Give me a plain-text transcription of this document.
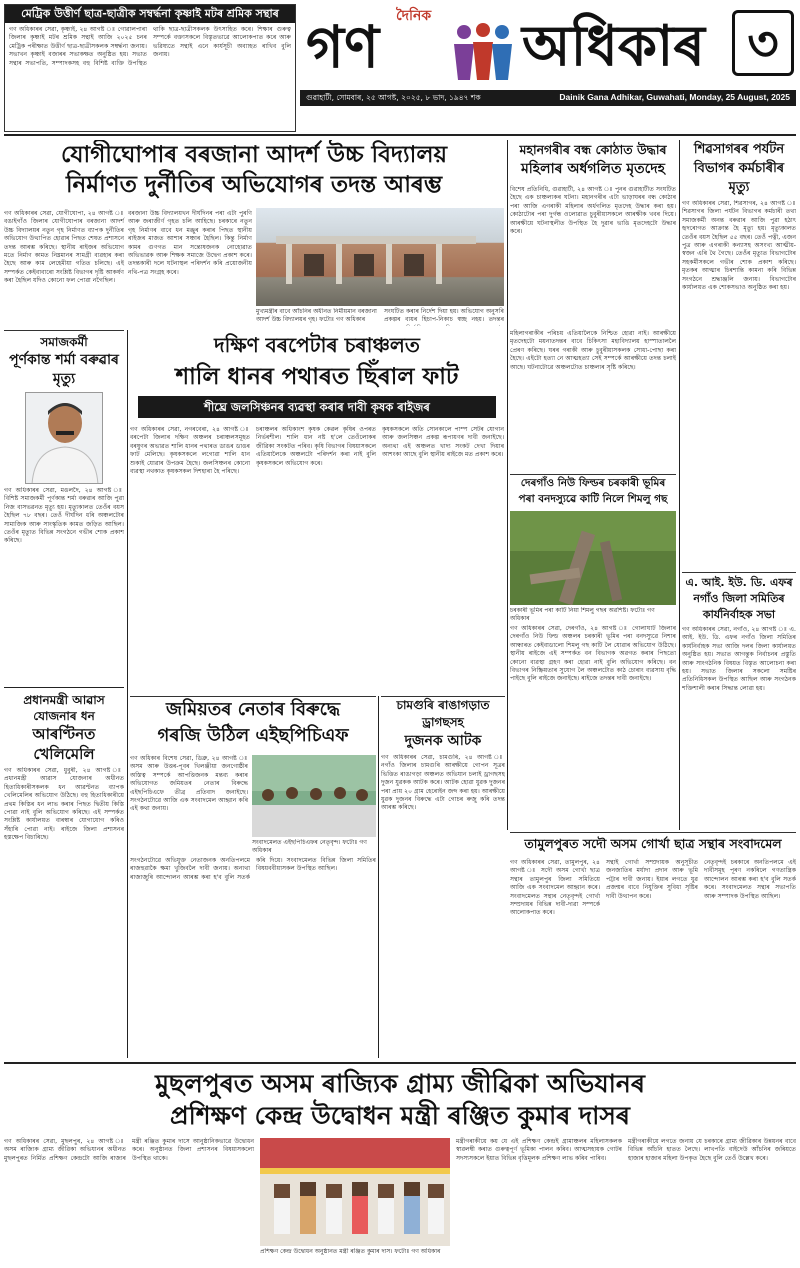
মেট্ৰিক উত্তীৰ্ণ ছাত্ৰ-ছাত্ৰীক সম্বৰ্দ্ধনা কৃষ্ণাই মটৰ শ্ৰমিক সন্থাৰ
গণ অধিকাৰৰ সেৱা, কৃষ্ণাই, ২৪ আগষ্ট ঃ গোৱালপাৰা জিলাৰ কৃষ্ণাই মটৰ শ্ৰমিক সন্থাই আজি ২০২৫ চনৰ মেট্ৰিক পৰীক্ষাত উত্তীৰ্ণ ছাত্ৰ-ছাত্ৰীসকলক সম্বৰ্দ্ধনা জনায়। সভাখন কৃষ্ণাই বজাৰৰ সভাকক্ষত অনুষ্ঠিত হয়। সভাত সন্থাৰ সভাপতি, সম্পাদকসহ বহু বিশিষ্ট ব্যক্তি উপস্থিত থাকি ছাত্ৰ-ছাত্ৰীসকলক উৎসাহিত কৰে। শিক্ষাৰ গুৰুত্ব সম্পৰ্কে বক্তাসকলে বিস্তৃতভাৱে আলোকপাত কৰে আৰু ভৱিষ্যতে সন্থাই এনে কাৰ্যসূচী অব্যাহত ৰাখিব বুলি জনায়।
দৈনিক
গণ	অধিকাৰ ৩
গুৱাহাটী, সোমবাৰ, ২৫ আগষ্ট, ২০২৫, ৮ ভাদ, ১৯৪৭ শক	Dainik Gana Adhikar, Guwahati, Monday, 25 August, 2025
যোগীঘোপাৰ বৰজানা আদৰ্শ উচ্চ বিদ্যালয়
নিৰ্মাণত দুৰ্নীতিৰ অভিযোগৰ তদন্ত আৰম্ভ
গণ অধিকাৰৰ সেৱা, যোগীঘোপা, ২৪ আগষ্ট ঃ বঙাইগাঁও জিলাৰ যোগীঘোপাৰ বৰজানা আদৰ্শ উচ্চ বিদ্যালয়ৰ নতুন গৃহ নিৰ্মাণত ব্যাপক দুৰ্নীতিৰ অভিযোগ উত্থাপিত হোৱাৰ পিছত শেষত প্ৰশাসনে তদন্ত আৰম্ভ কৰিছে। স্থানীয় ৰাইজৰ অভিযোগ মতে নিৰ্মাণ কামত নিম্নমানৰ সামগ্ৰী ব্যৱহাৰ কৰা হৈছে আৰু কাম লেহেমীয়া গতিত চলিছে। এই সম্পৰ্কত কেইবাবাৰো সংশ্লিষ্ট বিভাগৰ দৃষ্টি আকৰ্ষণ কৰা হৈছিল যদিও কোনো ফল পোৱা নগৈছিল।
বৰজানা উচ্চ বিদ্যালয়খন দীৰ্ঘদিনৰ পৰা এটা পুৰণি আৰু জৰাজীৰ্ণ গৃহত চলি আহিছে। চৰকাৰে নতুন গৃহ নিৰ্মাণৰ বাবে ধন মঞ্জুৰ কৰাৰ পিছত স্থানীয় ৰাইজৰ মাজত আশাৰ সঞ্চাৰ হৈছিল। কিন্তু নিৰ্মাণ কামৰ গুণগত মান সন্তোষজনক নোহোৱাত অভিভাৱক আৰু শিক্ষক সমাজে উদ্বেগ প্ৰকাশ কৰে। তদন্তকাৰী দলে ঘটনাস্থল পৰিদৰ্শন কৰি প্ৰয়োজনীয় নথি-পত্ৰ সংগ্ৰহ কৰে।
মুখ্যমন্ত্ৰীৰ বাবে আঁচনিৰ অধীনত নিৰ্মীয়মান বৰজানা আদৰ্শ উচ্চ বিদ্যালয়ৰ গৃহ। ফটোঃ গণ অধিকাৰ
সংঘটিত কৰাৰ নিৰ্দেশ দিয়া হয়। অভিযোগ অনুসৰি প্ৰকল্পৰ ব্যয়ৰ হিচাপ-নিকাচ স্বচ্ছ নহয়। তদন্তৰ
সমাজকৰ্মী
পূৰ্ণকান্ত শৰ্মা বৰুৱাৰ মৃত্যু
গণ অধিকাৰৰ সেৱা, মঙলদৈ, ২৪ আগষ্ট ঃ বিশিষ্ট সমাজকৰ্মী পূৰ্ণকান্ত শৰ্মা বৰুৱাৰ আজি পুৱা নিজ বাসভৱনত মৃত্যু হয়। মৃত্যুকালত তেওঁৰ বয়স হৈছিল ৭৮ বছৰ। তেওঁ দীৰ্ঘদিন ধৰি অঞ্চলটোৰ সামাজিক আৰু সাংস্কৃতিক কামত জড়িত আছিল। তেওঁৰ মৃত্যুত বিভিন্ন সংগঠনে গভীৰ শোক প্ৰকাশ কৰিছে।
প্ৰধানমন্ত্ৰী আৱাস যোজনাৰ ধন
আৰণ্টিনত খেলিমেলি
গণ অধিকাৰৰ সেৱা, ধুবুৰী, ২৪ আগষ্ট ঃ প্ৰধানমন্ত্ৰী আৱাস যোজনাৰ অধীনত হিতাধিকাৰীসকলক ধন আৱণ্টনত ব্যাপক খেলিমেলিৰ অভিযোগ উঠিছে। বহু হিতাধিকাৰীয়ে প্ৰথম কিস্তিৰ ধন লাভ কৰাৰ পিছত দ্বিতীয় কিস্তি পোৱা নাই বুলি অভিযোগ কৰিছে। এই সম্পৰ্কত সংশ্লিষ্ট কাৰ্যালয়ত বাৰম্বাৰ যোগাযোগ কৰিও সঁহাৰি পোৱা নাই। ৰাইজে জিলা প্ৰশাসনৰ হস্তক্ষেপ বিচাৰিছে।
দক্ষিণ বৰপেটাৰ চৰাঞ্চলত
শালি ধানৰ পথাৰত ছিঁৰাল ফাট
শীঘ্ৰে জলসিঞ্চনৰ ব্যৱস্থা কৰাৰ দাবী কৃষক ৰাইজৰ
গণ অধিকাৰৰ সেৱা, নগৰবেৰা, ২৪ আগষ্ট ঃ বৰপেটা জিলাৰ দক্ষিণ অঞ্চলৰ চৰাঞ্চলসমূহত বৰষুণৰ অভাৱত শালি ধানৰ পথাৰত ডাঙৰ ডাঙৰ ফাট মেলিছে। কৃষকসকলে লগোৱা শালি ধান শুকাই যোৱাৰ উপক্ৰম হৈছে। জলসিঞ্চনৰ কোনো ব্যৱস্থা নথকাত কৃষকসকল দিশহাৰা হৈ পৰিছে।
চৰাঞ্চলৰ অধিকাংশ কৃষক কেৱল কৃষিৰ ওপৰত নিৰ্ভৰশীল। শালি ধান নষ্ট হ'লে তেওঁলোকৰ জীৱিকা সংকটত পৰিব। কৃষি বিভাগৰ বিষয়াসকলে এতিয়ালৈকে অঞ্চলটো পৰিদৰ্শন কৰা নাই বুলি কৃষকসকলে অভিযোগ কৰে।
কৃষকসকলে অতি সোনকালে পাম্প সেটৰ যোগান আৰু জলসিঞ্চন প্ৰকল্প ৰূপায়ণৰ দাবী জনাইছে। অন্যথা এই অঞ্চলত খাদ্য সংকট দেখা দিয়াৰ আশংকা আছে বুলি স্থানীয় ৰাইজে মত প্ৰকাশ কৰে।
জমিয়তৰ নেতাৰ বিৰুদ্ধে
গৰজি উঠিল এইছপিচিএফ
গণ অধিকাৰ বিশেষ সেৱা, ডিব্ৰু, ২৪ আগষ্ট ঃ অসম আৰু উত্তৰ-পূবৰ খিলঞ্জীয়া জনগোষ্ঠীৰ অস্তিত্ব সম্পৰ্কে আপত্তিজনক মন্তব্য কৰাৰ অভিযোগত জমিয়তৰ নেতাৰ বিৰুদ্ধে এইছপিচিএফে তীব্ৰ প্ৰতিবাদ জনাইছে। সংগঠনটোৱে আজি এক সংবাদমেল আহ্বান কৰি এই কথা জনায়।
সংবাদমেলত এইছপিচিএফৰ নেতৃবৃন্দ। ফটোঃ গণ অধিকাৰ
সংগঠনটোৱে অভিযুক্ত নেতাজনক অনতিপলমে ৰাজহুৱাকৈ ক্ষমা খুজিবলৈ দাবী জনায়। অন্যথা ৰাজ্যজুৰি আন্দোলন আৰম্ভ কৰা হ'ব বুলি সতৰ্ক কৰি দিয়ে। সংবাদমেলত বিভিন্ন জিলা সমিতিৰ বিষয়ববীয়াসকল উপস্থিত আছিল।
চামগুৰি ৰাঙাগড়াত ড্ৰাগছসহ
দুজনক আটক
গণ অধিকাৰৰ সেৱা, চামগুৰি, ২৪ আগষ্ট ঃ নগাঁও জিলাৰ চামগুৰি আৰক্ষীয়ে গোপন সূত্ৰৰ ভিত্তিত ৰাঙাগড়া অঞ্চলত অভিযান চলাই ড্ৰাগছসহ দুজন যুৱকক আটক কৰে। আটক হোৱা যুৱক দুজনৰ পৰা প্ৰায় ২০ গ্ৰাম হেৰোইন জব্দ কৰা হয়। আৰক্ষীয়ে যুৱক দুজনৰ বিৰুদ্ধে এটা গোচৰ ৰুজু কৰি তদন্ত আৰম্ভ কৰিছে।
মহানগৰীৰ বন্ধ কোঠাত উদ্ধাৰ
মহিলাৰ অৰ্ধগলিত মৃতদেহ
বিশেষ প্ৰতিনিধি, গুৱাহাটী, ২৪ আগষ্ট ঃ পুনৰ গুৱাহাটীত সংঘটিত হৈছে এক চাঞ্চল্যকৰ ঘটনা। মহানগৰীৰ এটা ভাড়াঘৰৰ বন্ধ কোঠাৰ পৰা আজি এগৰাকী মহিলাৰ অৰ্ধগলিত মৃতদেহ উদ্ধাৰ কৰা হয়। কোঠাটোৰ পৰা দুৰ্গন্ধ ওলোৱাত চুবুৰীয়াসকলে আৰক্ষীক খবৰ দিয়ে। আৰক্ষীয়ে ঘটনাস্থলীত উপস্থিত হৈ দুৱাৰ ভাঙি মৃতদেহটো উদ্ধাৰ কৰে।
মহিলাগৰাকীৰ পৰিচয় এতিয়ালৈকে নিশ্চিত হোৱা নাই। আৰক্ষীয়ে মৃতদেহটো ময়নাতদন্তৰ বাবে চিকিৎসা মহাবিদ্যালয় হাস্পাতাললৈ প্ৰেৰণ কৰিছে। ঘৰৰ গৰাকী আৰু চুবুৰীয়াসকলক সোধা-পোছা কৰা হৈছে। এইটো হত্যা নে আত্মহত্যা সেই সম্পৰ্কে আৰক্ষীয়ে তদন্ত চলাই আছে। ঘটনাটোৱে অঞ্চলটোত চাঞ্চল্যৰ সৃষ্টি কৰিছে।
দেৰগাঁও নিউ ফিল্ডৰ চৰকাৰী ভূমিৰ
পৰা বনদস্যুৱে কাটি নিলে শিমলু গছ
চৰকাৰী ভূমিৰ পৰা কাটি নিয়া শিমলু গছৰ অৱশিষ্ট। ফটোঃ গণ অধিকাৰ
গণ অধিকাৰৰ সেৱা, দেৰগাঁও, ২৪ আগষ্ট ঃ গোলাঘাট জিলাৰ দেৰগাঁও নিউ ফিল্ড অঞ্চলৰ চৰকাৰী ভূমিৰ পৰা বনদস্যুৱে নিশাৰ আন্ধাৰত কেইবাডালো শিমলু গছ কাটি লৈ যোৱাৰ অভিযোগ উঠিছে। স্থানীয় ৰাইজে এই সম্পৰ্কত বন বিভাগক অৱগত কৰাৰ পিছতো কোনো ব্যৱস্থা গ্ৰহণ কৰা হোৱা নাই বুলি অভিযোগ কৰিছে। বন বিভাগৰ নিষ্ক্ৰিয়তাৰ সুযোগ লৈ অঞ্চলটোত কাঠ চোৰাং ব্যৱসায় বৃদ্ধি পাইছে বুলি ৰাইজে জনাইছে। ৰাইজে তদন্তৰ দাবী জনাইছে।
শিৱসাগৰৰ পৰ্যটন বিভাগৰ কৰ্মচাৰীৰ মৃত্যু
গণ অধিকাৰৰ সেৱা, শিৱসাগৰ, ২৪ আগষ্ট ঃ শিৱসাগৰ জিলা পৰ্যটন বিভাগৰ কৰ্মচাৰী তথা সমাজকৰ্মী অনন্ত বৰুৱাৰ আজি পুৱা হঠাৎ হৃদৰোগত আক্ৰান্ত হৈ মৃত্যু হয়। মৃত্যুকালত তেওঁৰ বয়স হৈছিল ৫৫ বছৰ। তেওঁ পত্নী, এজন পুত্ৰ আৰু এগৰাকী কন্যাসহ অসংখ্য আত্মীয়-স্বজন এৰি থৈ গৈছে। তেওঁৰ মৃত্যুত বিভাগটোৰ সহকৰ্মীসকলে গভীৰ শোক প্ৰকাশ কৰিছে। মৃতকৰ আত্মাৰ চিৰশান্তি কামনা কৰি বিভিন্ন সংগঠনে শ্ৰদ্ধাঞ্জলি জনায়। বিভাগটোৰ কাৰ্যালয়ত এক শোকসভাও অনুষ্ঠিত কৰা হয়।
এ. আই. ইউ. ডি. এফৰ নগাঁও জিলা সমিতিৰ কাৰ্যনিৰ্বাহক সভা
গণ অধিকাৰৰ সেৱা, নগাঁও, ২৪ আগষ্ট ঃ এ. আই. ইউ. ডি. এফৰ নগাঁও জিলা সমিতিৰ কাৰ্যনিৰ্বাহক সভা আজি দলৰ জিলা কাৰ্যালয়ত অনুষ্ঠিত হয়। সভাত আগন্তুক নিৰ্বাচনৰ প্ৰস্তুতি আৰু সাংগঠনিক বিষয়ত বিস্তৃত আলোচনা কৰা হয়। সভাত জিলাৰ সকলো সমষ্টিৰ প্ৰতিনিধিসকল উপস্থিত আছিল আৰু সংগঠনক শক্তিশালী কৰাৰ সিদ্ধান্ত লোৱা হয়।
তামুলপুৰত সদৌ অসম গোৰ্খা ছাত্ৰ সন্থাৰ সংবাদমেল
গণ অধিকাৰৰ সেৱা, তামুলপুৰ, ২৪ আগষ্ট ঃ সদৌ অসম গোৰ্খা ছাত্ৰ সন্থাৰ তামুলপুৰ জিলা সমিতিয়ে আজি এক সংবাদমেল আহ্বান কৰে। সংবাদমেলত সন্থাৰ নেতৃবৃন্দই গোৰ্খা সম্প্ৰদায়ৰ বিভিন্ন দাবী-দাৱা সম্পৰ্কে আলোকপাত কৰে।
সন্থাই গোৰ্খা সম্প্ৰদায়ক অনুসূচীত জনজাতিৰ মৰ্যাদা প্ৰদান আৰু ভূমি পট্টাৰ দাবী জনায়। ইয়াৰ লগতে যুৱ প্ৰজন্মৰ বাবে নিযুক্তিৰ সুবিধা সৃষ্টিৰ দাবী উত্থাপন কৰে।
নেতৃবৃন্দই চৰকাৰে অনতিপলমে এই দাবীসমূহ পূৰণ নকৰিলে গণতান্ত্ৰিক আন্দোলন আৰম্ভ কৰা হ'ব বুলি সতৰ্ক কৰে। সংবাদমেলত সন্থাৰ সভাপতি আৰু সম্পাদক উপস্থিত আছিল।
মুছলপুৰত অসম ৰাজ্যিক গ্ৰাম্য জীৱিকা অভিযানৰ
প্ৰশিক্ষণ কেন্দ্ৰ উদ্বোধন মন্ত্ৰী ৰঞ্জিত কুমাৰ দাসৰ
গণ অধিকাৰৰ সেৱা, মুছলপুৰ, ২৪ আগষ্ট ঃ অসম ৰাজ্যিক গ্ৰাম্য জীৱিকা অভিযানৰ অধীনত মুছলপুৰত নিৰ্মিত প্ৰশিক্ষণ কেন্দ্ৰটো আজি ৰাজ্যৰ মন্ত্ৰী ৰঞ্জিত কুমাৰ দাসে আনুষ্ঠানিকভাৱে উদ্বোধন কৰে। অনুষ্ঠানত জিলা প্ৰশাসনৰ বিষয়াসকলো উপস্থিত থাকে।
প্ৰশিক্ষণ কেন্দ্ৰ উদ্বোধন অনুষ্ঠানত মন্ত্ৰী ৰঞ্জিত কুমাৰ দাস। ফটোঃ গণ অধিকাৰ
মন্ত্ৰীগৰাকীয়ে কয় যে এই প্ৰশিক্ষণ কেন্দ্ৰই গ্ৰামাঞ্চলৰ মহিলাসকলক স্বাৱলম্বী কৰাত গুৰুত্বপূৰ্ণ ভূমিকা পালন কৰিব। আত্মসহায়ক গোটৰ সদস্যসকলে ইয়াত বিভিন্ন বৃত্তিমূলক প্ৰশিক্ষণ লাভ কৰিব পাৰিব।
মন্ত্ৰীগৰাকীয়ে লগতে জনায় যে চৰকাৰে গ্ৰাম্য জীৱিকাৰ উন্নয়নৰ বাবে বিভিন্ন আঁচনি হাতত লৈছে। লাখপতি বাইদেউ আঁচনিৰ জৰিয়তে হাজাৰ হাজাৰ মহিলা উপকৃত হৈছে বুলি তেওঁ উল্লেখ কৰে।
